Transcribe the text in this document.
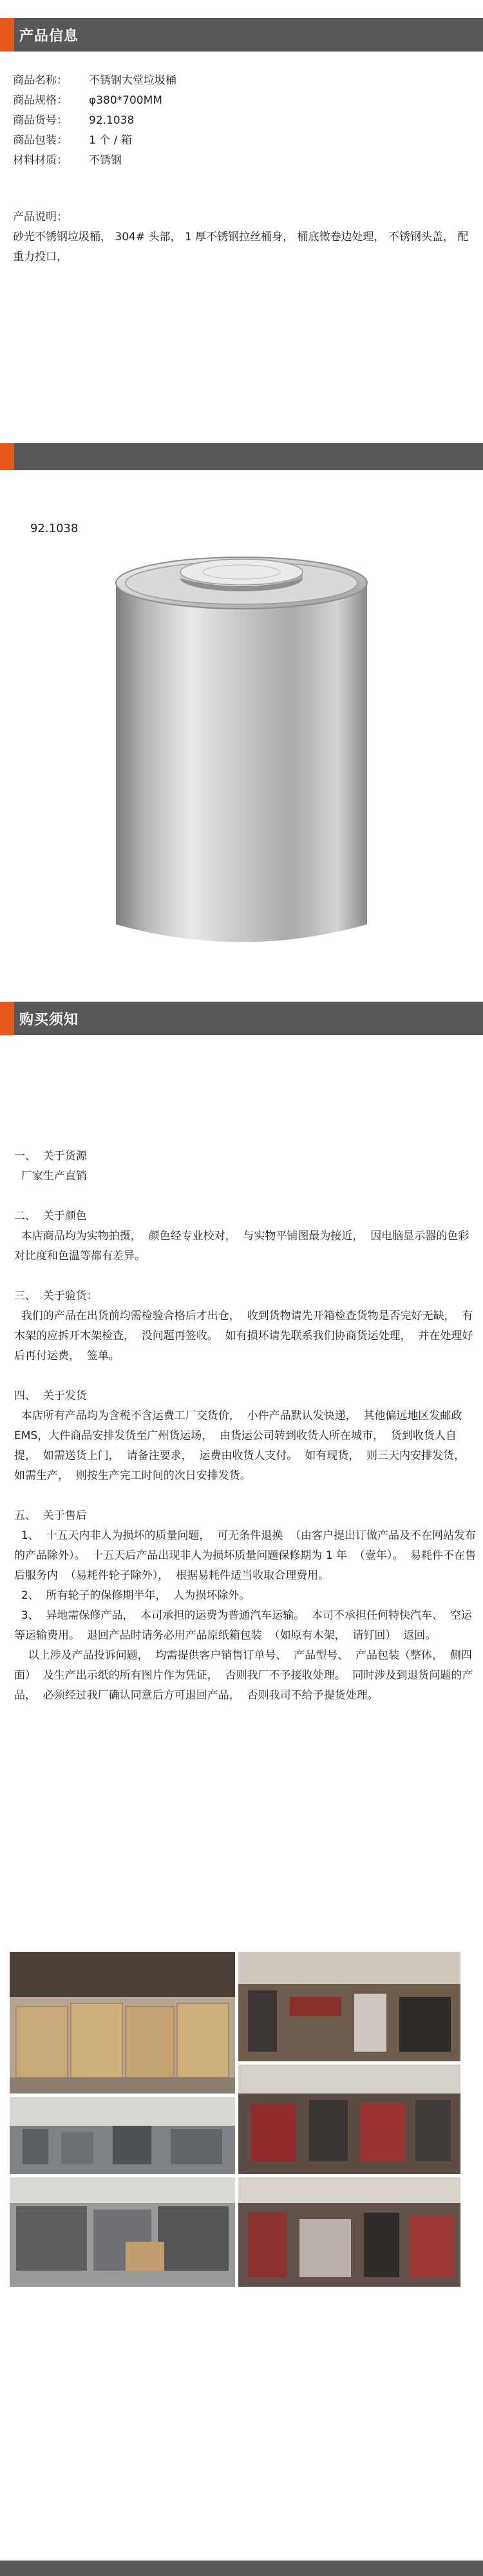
产品信息
商品名称：	不锈钢大堂垃圾桶
商品规格：	φ380*700MM
商品货号：	92.1038
商品包装：	1 个 / 箱
材料材质：	不锈钢
产品说明：
砂光不锈钢垃圾桶， 304# 头部， 1 厚不锈钢拉丝桶身， 桶底微卷边处理， 不锈钢头盖， 配重力投口，
92.1038
购买须知

一、  关于货源

厂家生产直销

二、  关于颜色

本店商品均为实物拍摄，  颜色经专业校对，  与实物平铺图最为接近，  因电脑显示器的色彩对比度和色温等都有差异。

三、  关于验货：

我们的产品在出货前均需检验合格后才出仓，  收到货物请先开箱检查货物是否完好无缺，  有木架的应拆开木架检查，  没问题再签收。  如有损坏请先联系我们协商货运处理，  并在处理好后再付运费，  签单。

四、  关于发货

本店所有产品均为含税不含运费工厂交货价，  小件产品默认发快递，  其他偏远地区发邮政 EMS，大件商品安排发货至广州货运场，  由货运公司转到收货人所在城市，  货到收货人自提，  如需送货上门，  请备注要求，  运费由收货人支付。  如有现货，  则三天内安排发货，  如需生产，  则按生产完工时间的次日安排发货。

五、  关于售后

1、  十五天内非人为损坏的质量问题，  可无条件退换  （由客户提出订做产品及不在网站发布的产品除外）。  十五天后产品出现非人为损坏质量问题保修期为 1 年  （壹年）。  易耗件不在售后服务内  （易耗件轮子除外），  根据易耗件适当收取合理费用。
2、  所有轮子的保修期半年，  人为损坏除外。
3、  异地需保修产品，  本司承担的运费为普通汽车运输。  本司不承担任何特快汽车、  空运等运输费用。  退回产品时请务必用产品原纸箱包装  （如原有木架，  请钉回）  返回。
以上涉及产品投诉问题，  均需提供客户销售订单号、  产品型号、  产品包装（整体，  侧四面）  及生产出示纸的所有图片作为凭证，  否则我厂不予接收处理。  同时涉及到退货问题的产品，  必须经过我厂确认同意后方可退回产品，  否则我司不给予提货处理。
